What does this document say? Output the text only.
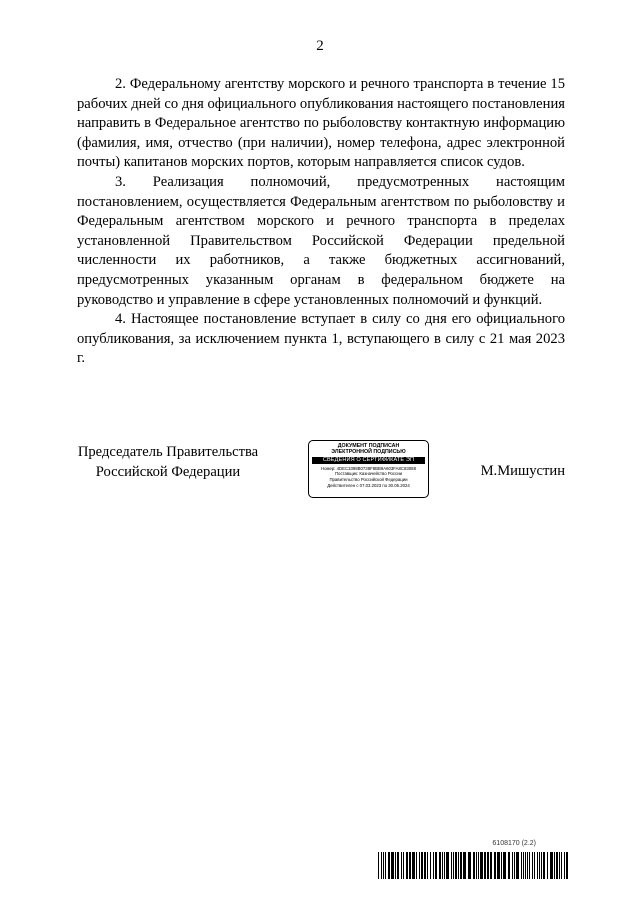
2

2. Федеральному агентству морского и речного транспорта в течение 15 рабочих дней со дня официального опубликования настоящего постановления направить в Федеральное агентство по рыболовству контактную информацию (фамилия, имя, отчество (при наличии), номер телефона, адрес электронной почты) капитанов морских портов, которым направляется список судов.

3. Реализация полномочий, предусмотренных настоящим постановлением, осуществляется Федеральным агентством по рыболовству и Федеральным агентством морского и речного транспорта в пределах установленной Правительством Российской Федерации предельной численности их работников, а также бюджетных ассигнований, предусмотренных указанным органам в федеральном бюджете на руководство и управление в сфере установленных полномочий и функций.

4. Настоящее постановление вступает в силу со дня его официального опубликования, за исключением пункта 1, вступающего в силу с 21 мая 2023 г.

Председатель Правительства
Российской Федерации
ДОКУМЕНТ ПОДПИСАН
ЭЛЕКТРОННОЙ ПОДПИСЬЮ
СВЕДЕНИЯ О СЕРТИФИКАТЕ ЭП
Номер: 4DEC3398B0738F8BB9A603FA8C83088
Поставщик: Казначейство России
Правительство Российской Федерации
Действителен с 07.03.2023 по 30.05.2024
М.Мишустин
6108170 (2.2)
